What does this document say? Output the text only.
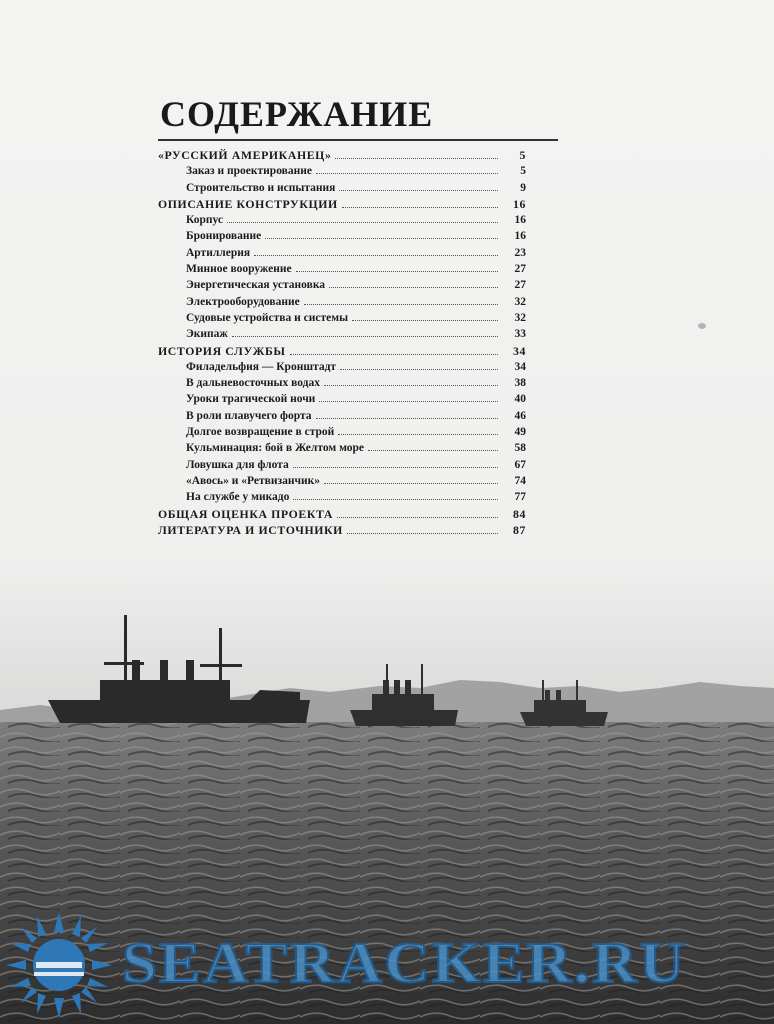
СОДЕРЖАНИЕ
«РУССКИЙ АМЕРИКАНЕЦ»	5
Заказ и проектирование	5
Строительство и испытания	9
ОПИСАНИЕ КОНСТРУКЦИИ	16
Корпус	16
Бронирование	16
Артиллерия	23
Минное вооружение	27
Энергетическая установка	27
Электрооборудование	32
Судовые устройства и системы	32
Экипаж	33
ИСТОРИЯ СЛУЖБЫ	34
Филадельфия — Кронштадт	34
В дальневосточных водах	38
Уроки трагической ночи	40
В роли плавучего форта	46
Долгое возвращение в строй	49
Кульминация: бой в Желтом море	58
Ловушка для флота	67
«Авось» и «Ретвизанчик»	74
На службе у микадо	77
ОБЩАЯ ОЦЕНКА ПРОЕКТА	84
ЛИТЕРАТУРА И ИСТОЧНИКИ	87
SEATRACKER.RU
